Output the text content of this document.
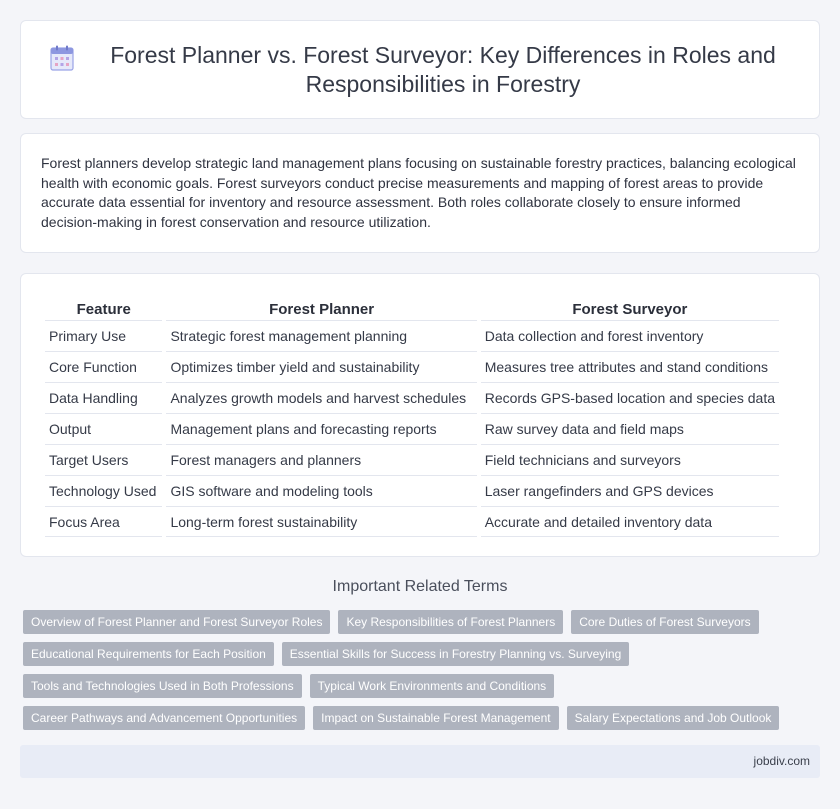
Forest Planner vs. Forest Surveyor: Key Differences in Roles and Responsibilities in Forestry

Forest planners develop strategic land management plans focusing on sustainable forestry practices, balancing ecological health with economic goals. Forest surveyors conduct precise measurements and mapping of forest areas to provide accurate data essential for inventory and resource assessment. Both roles collaborate closely to ensure informed decision-making in forest conservation and resource utilization.

Feature	Forest Planner	Forest Surveyor
Primary Use	Strategic forest management planning	Data collection and forest inventory
Core Function	Optimizes timber yield and sustainability	Measures tree attributes and stand conditions
Data Handling	Analyzes growth models and harvest schedules	Records GPS-based location and species data
Output	Management plans and forecasting reports	Raw survey data and field maps
Target Users	Forest managers and planners	Field technicians and surveyors
Technology Used	GIS software and modeling tools	Laser rangefinders and GPS devices
Focus Area	Long-term forest sustainability	Accurate and detailed inventory data
Important Related Terms
Overview of Forest Planner and Forest Surveyor Roles	Key Responsibilities of Forest Planners	Core Duties of Forest Surveyors
Educational Requirements for Each Position	Essential Skills for Success in Forestry Planning vs. Surveying
Tools and Technologies Used in Both Professions	Typical Work Environments and Conditions
Career Pathways and Advancement Opportunities	Impact on Sustainable Forest Management	Salary Expectations and Job Outlook
jobdiv.com
